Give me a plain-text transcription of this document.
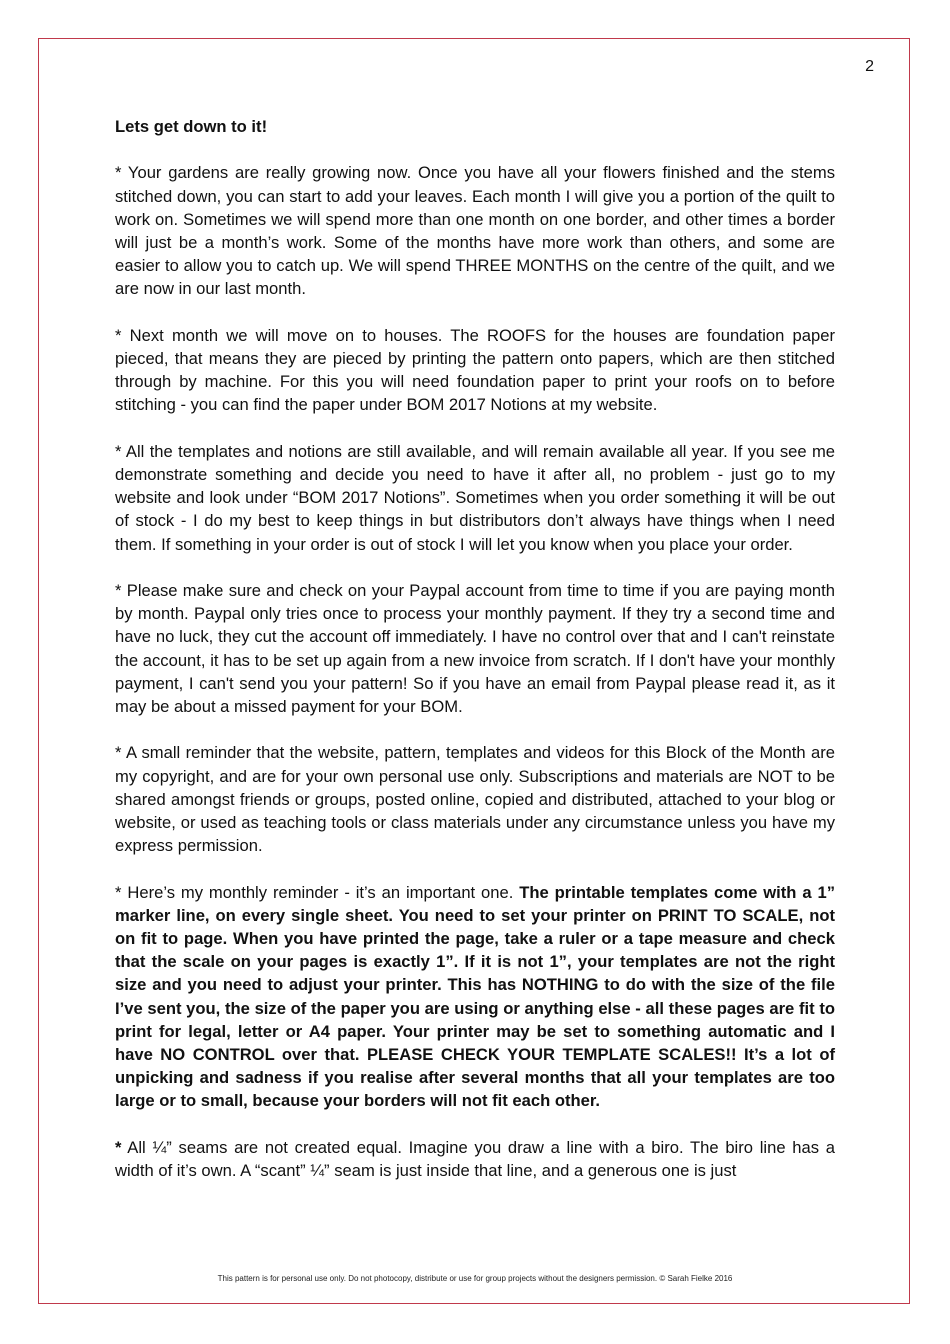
2

Lets get down to it!

* Your gardens are really growing now. Once you have all your flowers finished and the stems stitched down, you can start to add your leaves. Each month I will give you a portion of the quilt to work on. Sometimes we will spend more than one month on one border, and other times a border will just be a month’s work. Some of the months have more work than others, and some are easier to allow you to catch up. We will spend THREE MONTHS on the centre of the quilt, and we are now in our last month.

* Next month we will move on to houses. The ROOFS for the houses are foundation paper pieced, that means they are pieced by printing the pattern onto papers, which are then stitched through by machine. For this you will need foundation paper to print your roofs on to before stitching - you can find the paper under BOM 2017 Notions at my website.

* All the templates and notions are still available, and will remain available all year. If you see me demonstrate something and decide you need to have it after all, no problem - just go to my website and look under “BOM 2017 Notions”. Sometimes when you order something it will be out of stock - I do my best to keep things in but distributors don’t always have things when I need them. If something in your order is out of stock I will let you know when you place your order.

* Please make sure and check on your Paypal account from time to time if you are paying month by month. Paypal only tries once to process your monthly payment. If they try a second time and have no luck, they cut the account off immediately. I have no control over that and I can't reinstate the account, it has to be set up again from a new invoice from scratch. If I don't have your monthly payment, I can't send you your pattern! So if you have an email from Paypal please read it, as it may be about a missed payment for your BOM.

* A small reminder that the website, pattern, templates and videos for this Block of the Month are my copyright, and are for your own personal use only. Subscriptions and materials are NOT to be shared amongst friends or groups, posted online, copied and distributed, attached to your blog or website, or used as teaching tools or class materials under any circumstance unless you have my express permission.

* Here’s my monthly reminder - it’s an important one. The printable templates come with a 1” marker line, on every single sheet. You need to set your printer on PRINT TO SCALE, not on fit to page. When you have printed the page, take a ruler or a tape measure and check that the scale on your pages is exactly 1”. If it is not 1”, your templates are not the right size and you need to adjust your printer. This has NOTHING to do with the size of the file I’ve sent you, the size of the paper you are using or anything else - all these pages are fit to print for legal, letter or A4 paper. Your printer may be set to something automatic and I have NO CONTROL over that. PLEASE CHECK YOUR TEMPLATE SCALES!! It’s a lot of unpicking and sadness if you realise after several months that all your templates are too large or to small, because your borders will not fit each other.

* All ¼” seams are not created equal. Imagine you draw a line with a biro. The biro line has a width of it’s own. A “scant” ¼” seam is just inside that line, and a generous one is just

This pattern is for personal use only. Do not photocopy, distribute or use for group projects without the designers permission. © Sarah Fielke 2016
